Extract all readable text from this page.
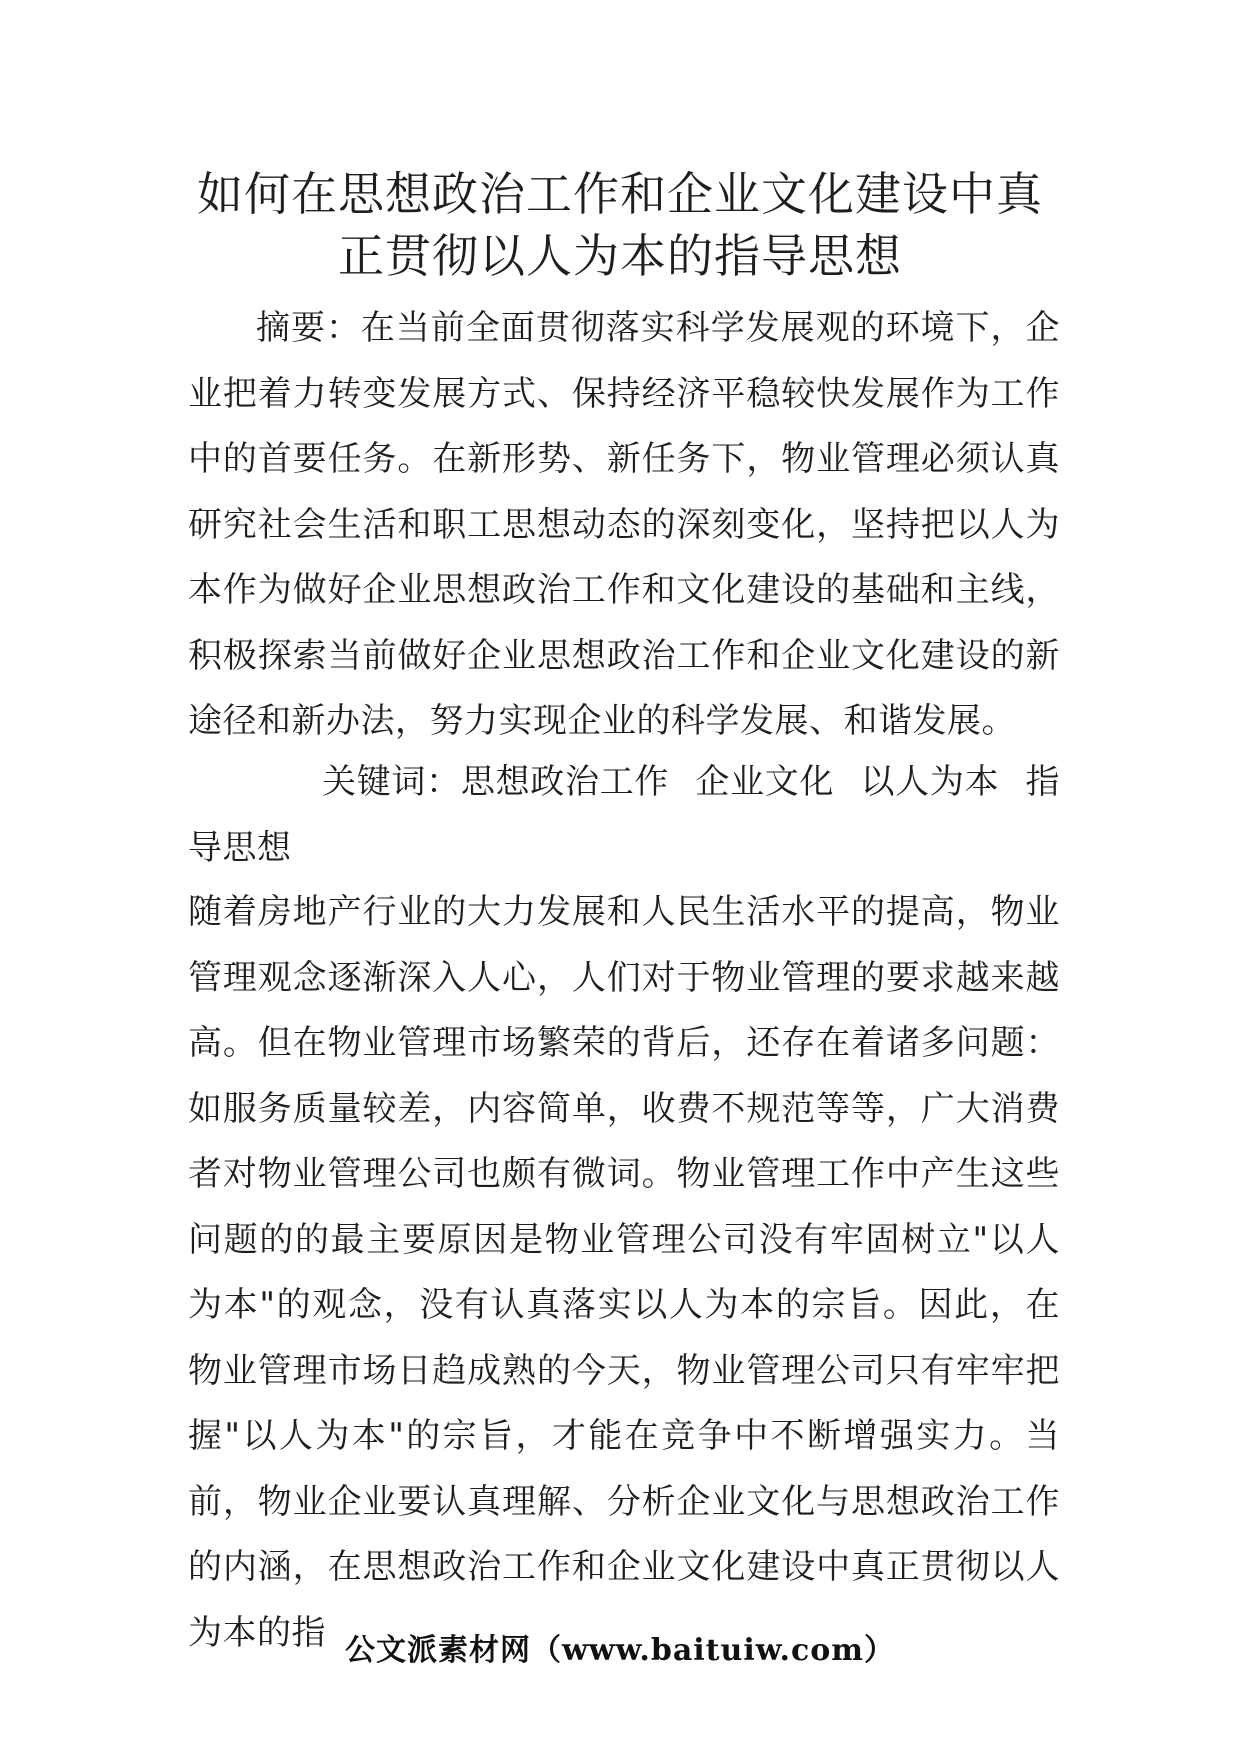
如何在思想政治工作和企业文化建设中真
正贯彻以人为本的指导思想
摘要：在当前全面贯彻落实科学发展观的环境下，企业把着力转变发展方式、保持经济平稳较快发展作为工作中的首要任务。在新形势、新任务下，物业管理必须认真研究社会生活和职工思想动态的深刻变化，坚持把以人为本作为做好企业思想政治工作和文化建设的基础和主线，积极探索当前做好企业思想政治工作和企业文化建设的新途径和新办法，努力实现企业的科学发展、和谐发展。
关键词：思想政治工作 企业文化 以人为本 指导思想
随着房地产行业的大力发展和人民生活水平的提高，物业管理观念逐渐深入人心，人们对于物业管理的要求越来越高。但在物业管理市场繁荣的背后，还存在着诸多问题：如服务质量较差，内容简单，收费不规范等等，广大消费者对物业管理公司也颇有微词。物业管理工作中产生这些问题的的最主要原因是物业管理公司没有牢固树立"以人为本"的观念，没有认真落实以人为本的宗旨。因此，在物业管理市场日趋成熟的今天，物业管理公司只有牢牢把握"以人为本"的宗旨，才能在竞争中不断增强实力。当前，物业企业要认真理解、分析企业文化与思想政治工作的内涵，在思想政治工作和企业文化建设中真正贯彻以人为本的指 公文派素材网（www.baituiw.com）
